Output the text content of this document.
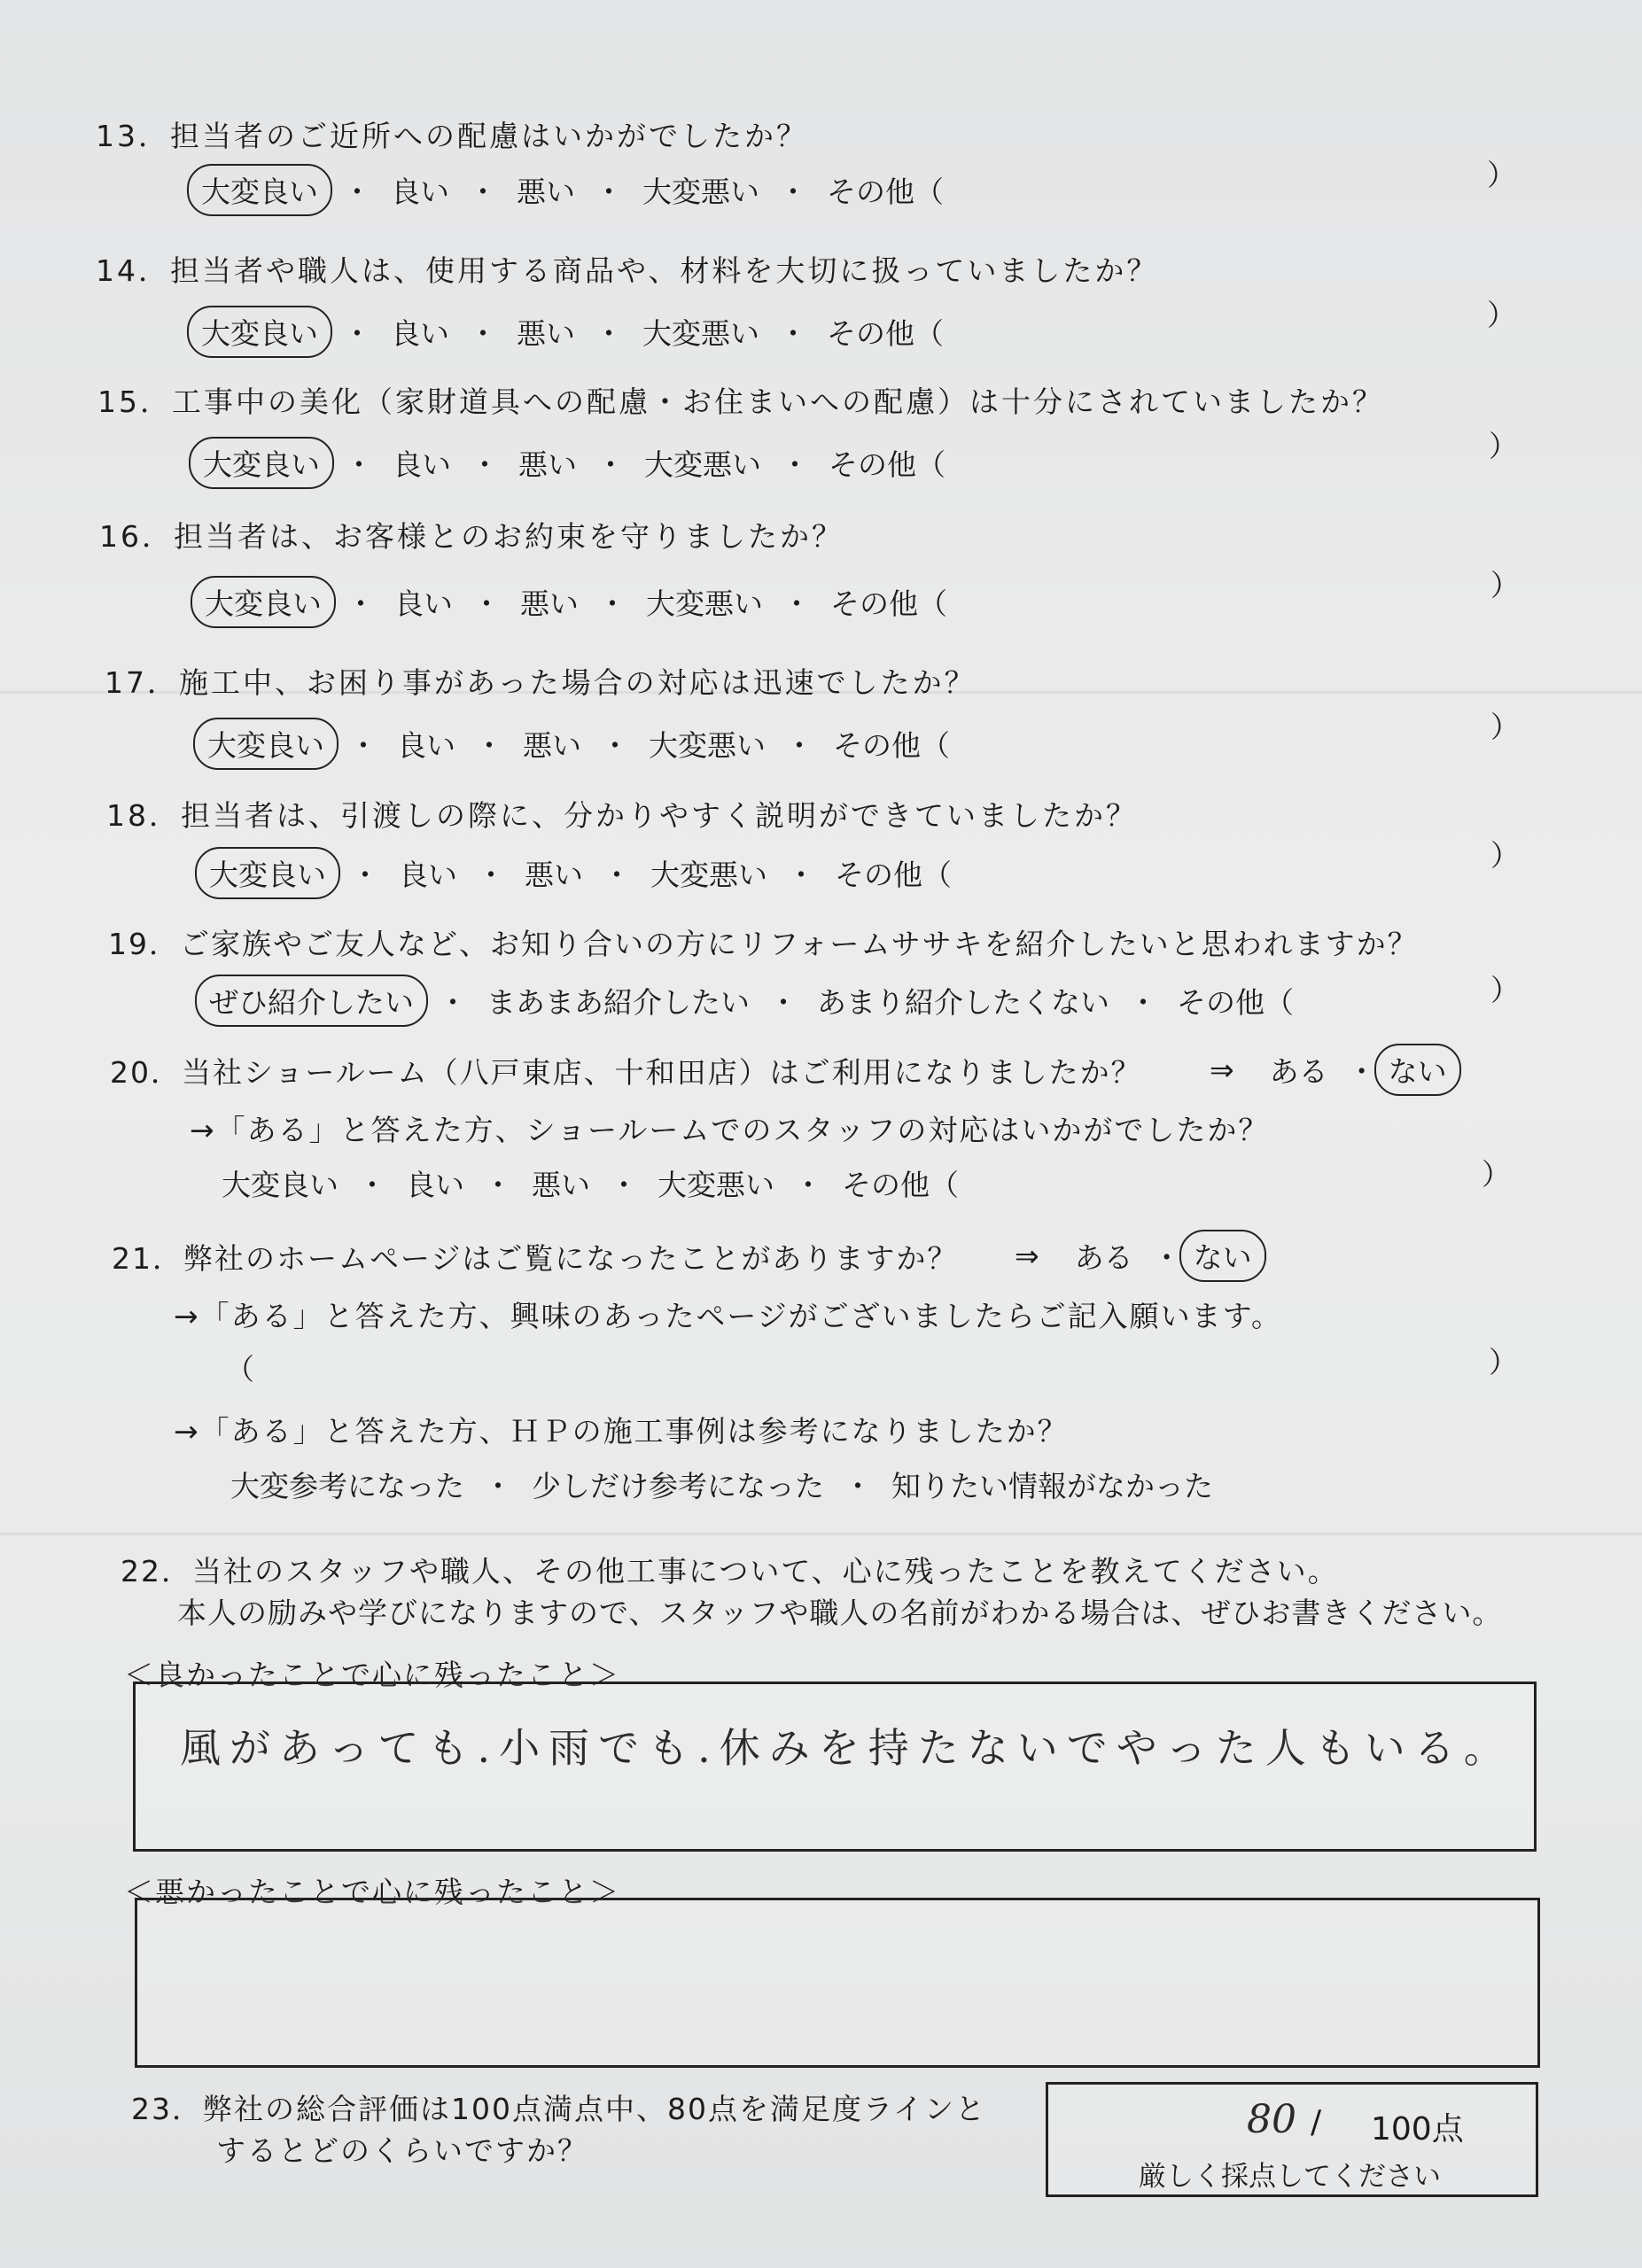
13．担当者のご近所への配慮はいかがでしたか？
大変良い ・ 良い ・ 悪い ・ 大変悪い ・ その他（	）
14．担当者や職人は、使用する商品や、材料を大切に扱っていましたか？
大変良い ・ 良い ・ 悪い ・ 大変悪い ・ その他（
）
15．工事中の美化（家財道具への配慮・お住まいへの配慮）は十分にされていましたか？
大変良い ・ 良い ・ 悪い ・ 大変悪い ・ その他（
）
16．担当者は、お客様とのお約束を守りましたか？
大変良い ・ 良い ・ 悪い ・ 大変悪い ・ その他（
）
17．施工中、お困り事があった場合の対応は迅速でしたか？
大変良い ・ 良い ・ 悪い ・ 大変悪い ・ その他（
）
18．担当者は、引渡しの際に、分かりやすく説明ができていましたか？
大変良い ・ 良い ・ 悪い ・ 大変悪い ・ その他（
）
19．ご家族やご友人など、お知り合いの方にリフォームササキを紹介したいと思われますか？
ぜひ紹介したい ・ まあまあ紹介したい ・ あまり紹介したくない ・ その他（	）
20．当社ショールーム（八戸東店、十和田店）はご利用になりましたか？	⇒	ある ・ ない
→「ある」と答えた方、ショールームでのスタッフの対応はいかがでしたか？
大変良い ・ 良い ・ 悪い ・ 大変悪い ・ その他（	）
21．弊社のホームページはご覧になったことがありますか？	⇒	ある ・ ない
→「ある」と答えた方、興味のあったページがございましたらご記入願います。
（	）
→「ある」と答えた方、ＨＰの施工事例は参考になりましたか？
大変参考になった ・ 少しだけ参考になった ・ 知りたい情報がなかった
22．当社のスタッフや職人、その他工事について、心に残ったことを教えてください。
本人の励みや学びになりますので、スタッフや職人の名前がわかる場合は、ぜひお書きください。
＜良かったことで心に残ったこと＞
風があっても.小雨でも.休みを持たないでやった人もいる。
＜悪かったことで心に残ったこと＞
23．弊社の総合評価は100点満点中、80点を満足度ラインと
するとどのくらいですか？
80 / 100点
厳しく採点してください
